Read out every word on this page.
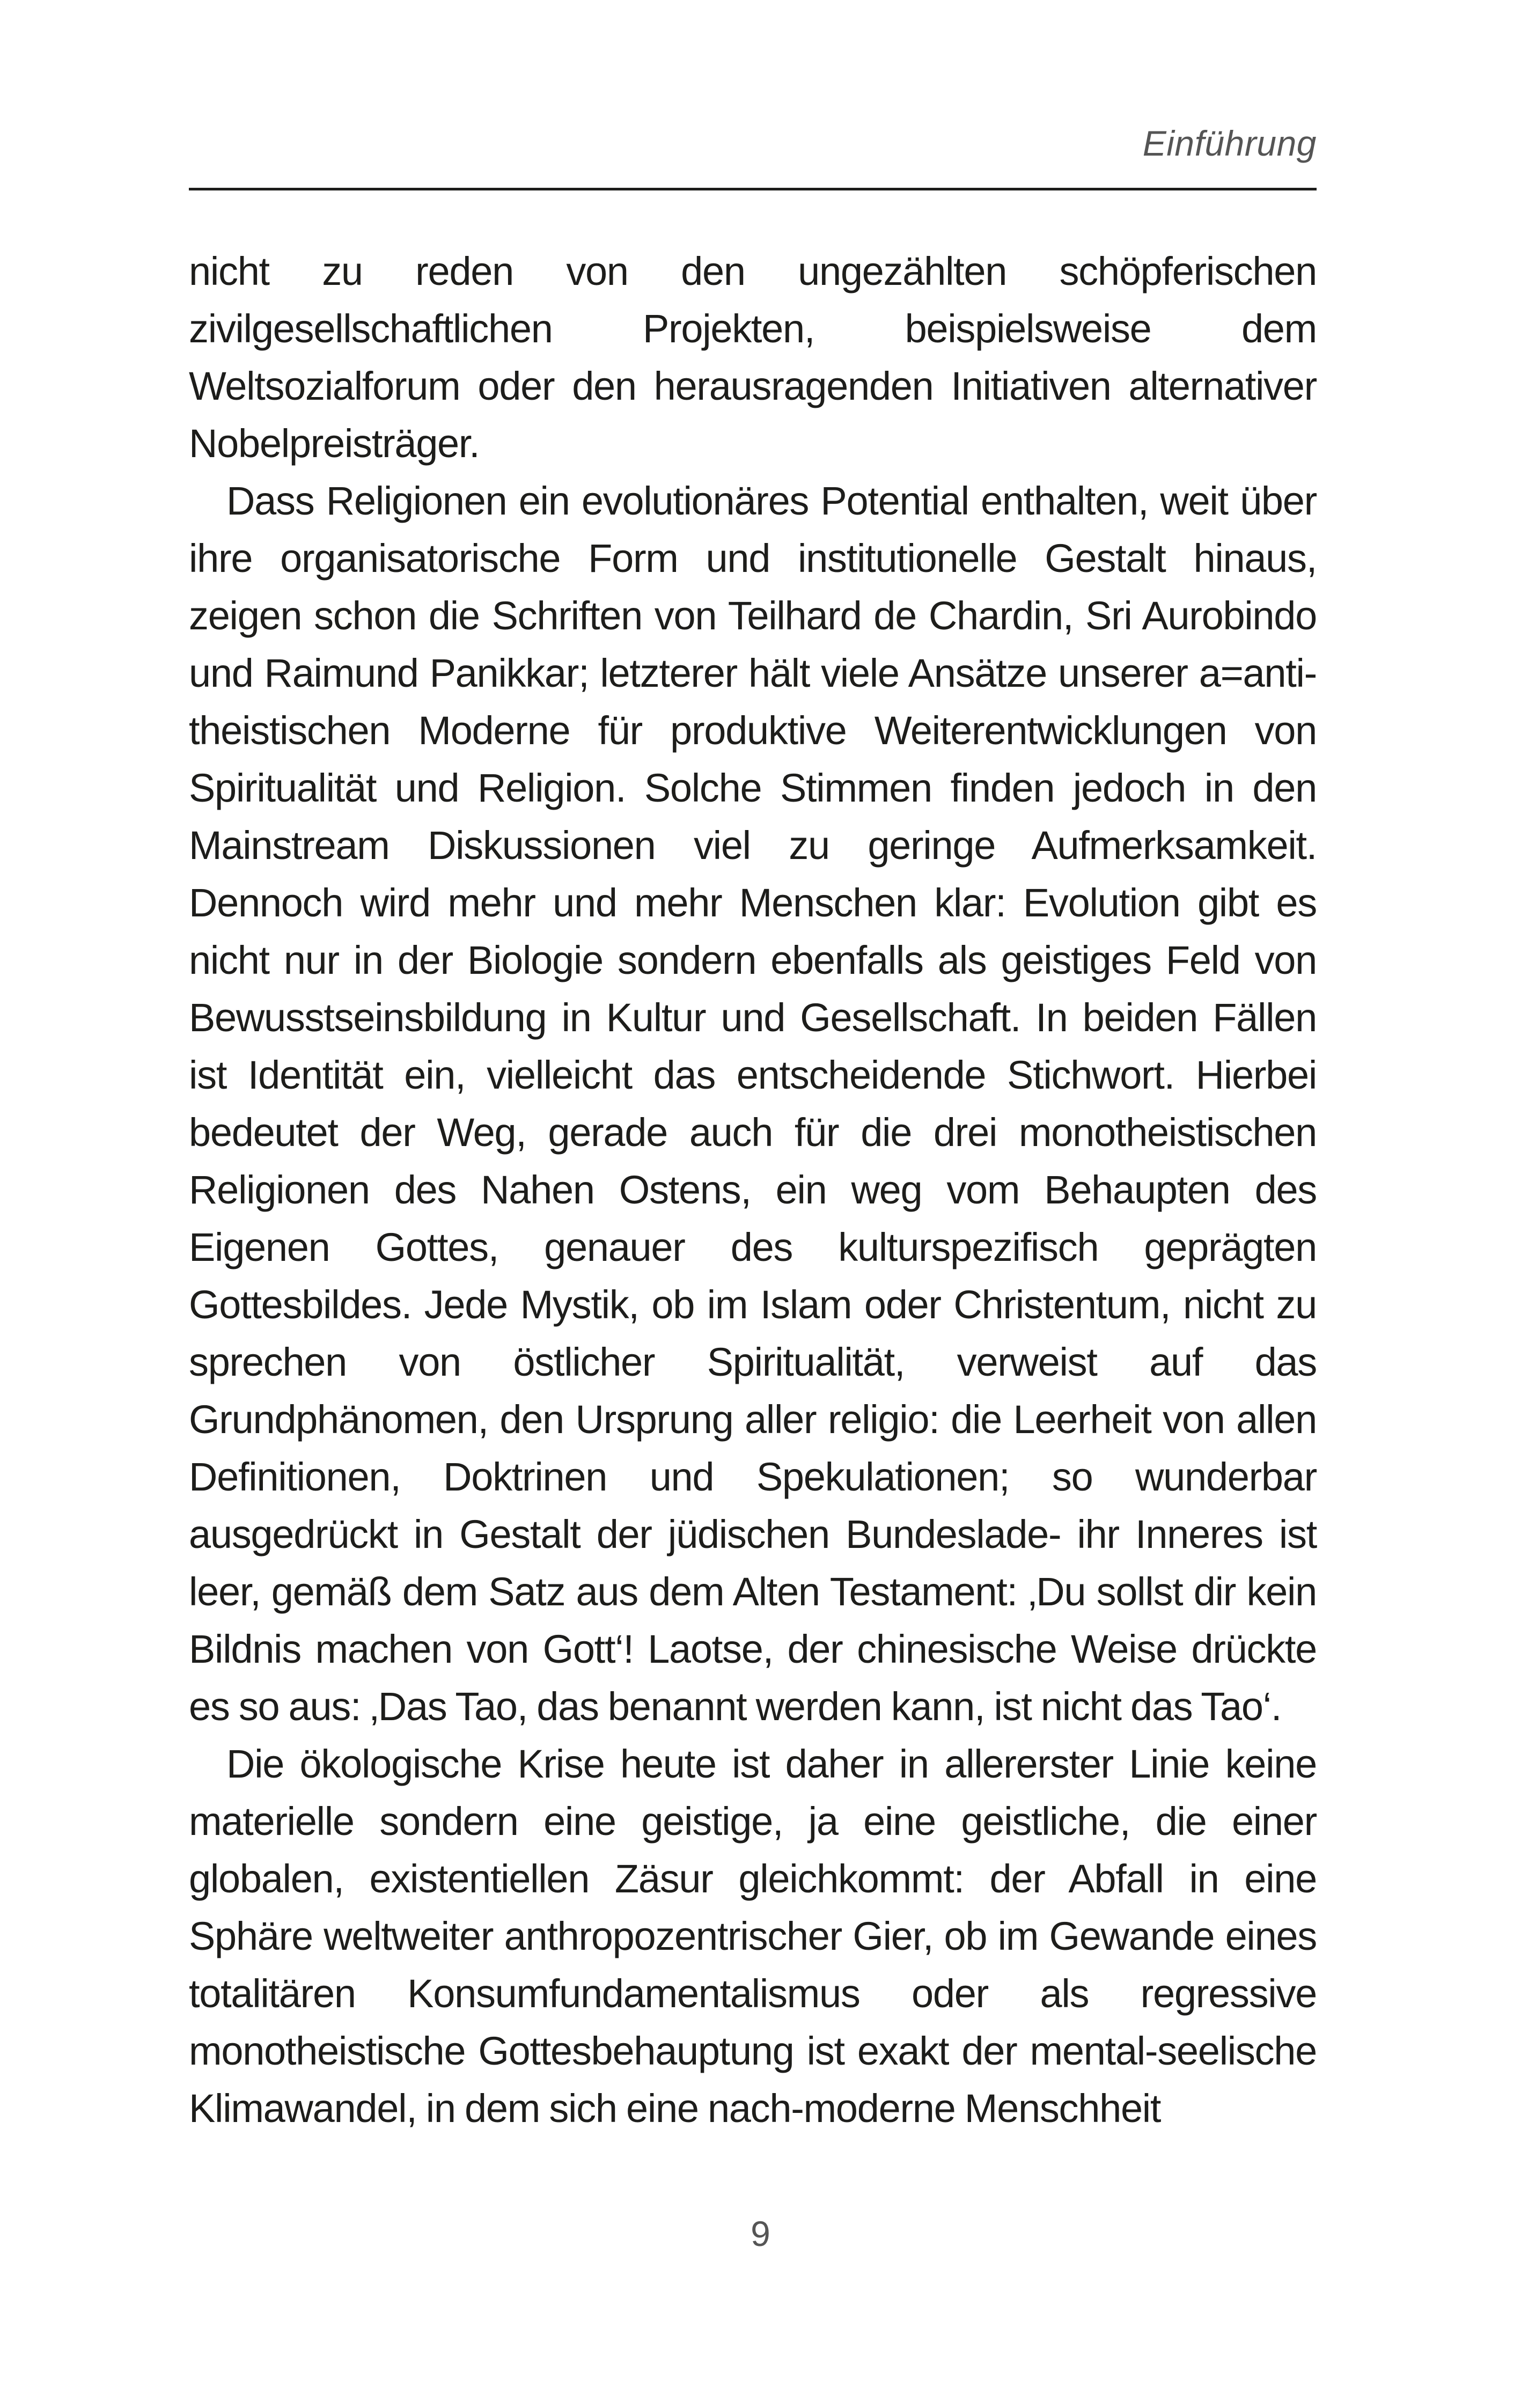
Einführung

nicht zu reden von den ungezählten schöpferischen zivilgesellschaftlichen Projekten, beispielsweise dem Weltsozialforum oder den herausragenden Initiativen alternativer Nobelpreisträger.

Dass Religionen ein evolutionäres Potential enthalten, weit über ihre organisatorische Form und institutionelle Gestalt hinaus, zeigen schon die Schriften von Teilhard de Chardin, Sri Aurobindo und Raimund Panikkar; letzterer hält viele Ansätze unserer a=anti-theistischen Moderne für produktive Weiterentwicklungen von Spiritualität und Religion. Solche Stimmen finden jedoch in den Mainstream Diskussionen viel zu geringe Aufmerksamkeit. Dennoch wird mehr und mehr Menschen klar: Evolution gibt es nicht nur in der Biologie sondern ebenfalls als geistiges Feld von Bewusstseinsbildung in Kultur und Gesellschaft. In beiden Fällen ist Identität ein, vielleicht das entscheidende Stichwort. Hierbei bedeutet der Weg, gerade auch für die drei monotheistischen Religionen des Nahen Ostens, ein weg vom Behaupten des Eigenen Gottes, genauer des kulturspezifisch geprägten Gottesbildes. Jede Mystik, ob im Islam oder Christentum, nicht zu sprechen von östlicher Spiritualität, verweist auf das Grundphänomen, den Ursprung aller religio: die Leerheit von allen Definitionen, Doktrinen und Spekulationen; so wunderbar ausgedrückt in Gestalt der jüdischen Bundeslade- ihr Inneres ist leer, gemäß dem Satz aus dem Alten Testament: ‚Du sollst dir kein Bildnis machen von Gott‘! Laotse, der chinesische Weise drückte es so aus: ‚Das Tao, das benannt werden kann, ist nicht das Tao‘.

Die ökologische Krise heute ist daher in allererster Linie keine materielle sondern eine geistige, ja eine geistliche, die einer globalen, existentiellen Zäsur gleichkommt: der Abfall in eine Sphäre weltweiter anthropozentrischer Gier, ob im Gewande eines totalitären Konsumfundamentalismus oder als regressive monotheistische Gottesbehauptung ist exakt der mental-seelische Klimawandel, in dem sich eine nach-moderne Menschheit

9
